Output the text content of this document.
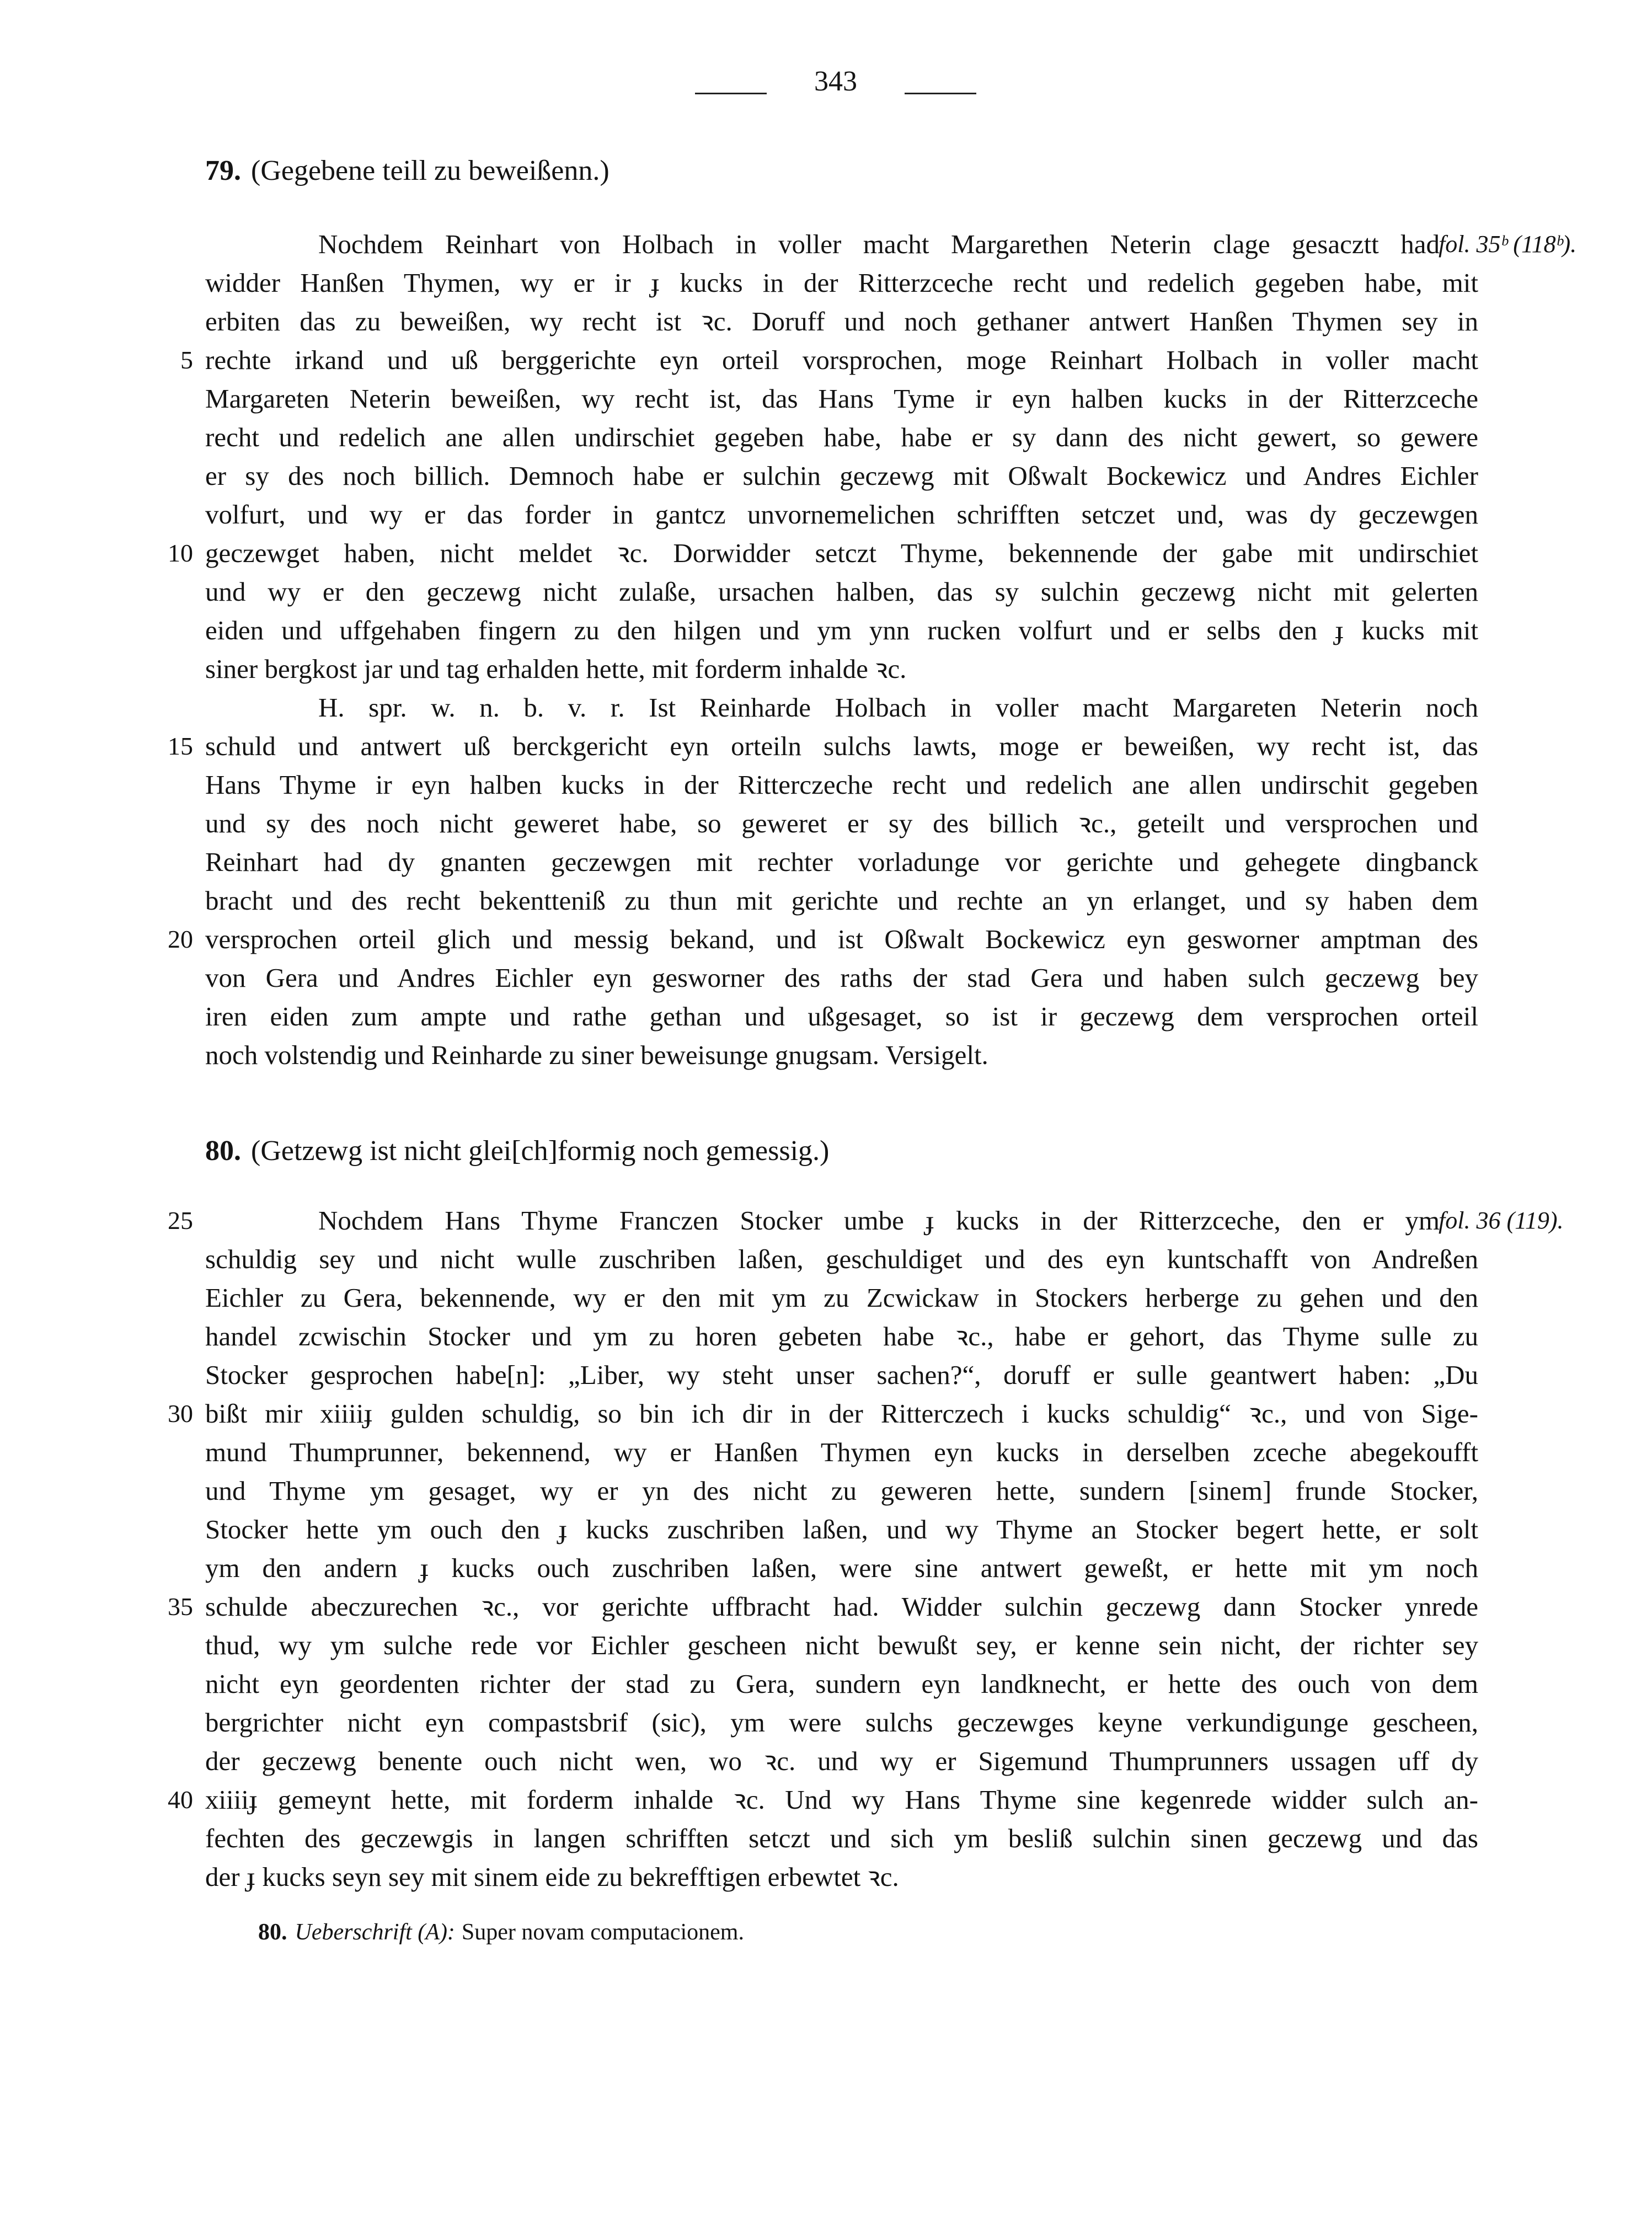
343
79. (Gegebene teill zu beweißenn.)
fol. 35ᵇ (118ᵇ).
Nochdem Reinhart von Holbach in voller macht Margarethen Neterin clage gesacztt had
widder Hanßen Thymen, wy er ir ɟ kucks in der Ritterzceche recht und redelich gegeben habe, mit
erbiten das zu beweißen, wy recht ist ꝛc. Doruff und noch gethaner antwert Hanßen Thymen sey in
rechte irkand und uß berggerichte eyn orteil vorsprochen, moge Reinhart Holbach in voller macht
Margareten Neterin beweißen, wy recht ist, das Hans Tyme ir eyn halben kucks in der Ritterzceche
recht und redelich ane allen undirschiet gegeben habe, habe er sy dann des nicht gewert, so gewere
er sy des noch billich. Demnoch habe er sulchin geczewg mit Oßwalt Bockewicz und Andres Eichler
volfurt, und wy er das forder in gantcz unvornemelichen schrifften setczet und, was dy geczewgen
geczewget haben, nicht meldet ꝛc. Dorwidder setczt Thyme, bekennende der gabe mit undirschiet
und wy er den geczewg nicht zulaße, ursachen halben, das sy sulchin geczewg nicht mit gelerten
eiden und uffgehaben fingern zu den hilgen und ym ynn rucken volfurt und er selbs den ɟ kucks mit
siner bergkost jar und tag erhalden hette, mit forderm inhalde ꝛc.
H. spr. w. n. b. v. r. Ist Reinharde Holbach in voller macht Margareten Neterin noch
schuld und antwert uß berckgericht eyn orteiln sulchs lawts, moge er beweißen, wy recht ist, das
Hans Thyme ir eyn halben kucks in der Ritterczeche recht und redelich ane allen undirschit gegeben
und sy des noch nicht geweret habe, so geweret er sy des billich ꝛc., geteilt und versprochen und
Reinhart had dy gnanten geczewgen mit rechter vorladunge vor gerichte und gehegete dingbanck
bracht und des recht bekentteniß zu thun mit gerichte und rechte an yn erlanget, und sy haben dem
versprochen orteil glich und messig bekand, und ist Oßwalt Bockewicz eyn gesworner amptman des
von Gera und Andres Eichler eyn gesworner des raths der stad Gera und haben sulch geczewg bey
iren eiden zum ampte und rathe gethan und ußgesaget, so ist ir geczewg dem versprochen orteil
noch volstendig und Reinharde zu siner beweisunge gnugsam. Versigelt.
80. (Getzewg ist nicht glei[ch]formig noch gemessig.)
fol. 36 (119).
Nochdem Hans Thyme Franczen Stocker umbe ɟ kucks in der Ritterzceche, den er ym
schuldig sey und nicht wulle zuschriben laßen, geschuldiget und des eyn kuntschafft von Andreßen
Eichler zu Gera, bekennende, wy er den mit ym zu Zcwickaw in Stockers herberge zu gehen und den
handel zcwischin Stocker und ym zu horen gebeten habe ꝛc., habe er gehort, das Thyme sulle zu
Stocker gesprochen habe[n]: „Liber, wy steht unser sachen?“, doruff er sulle geantwert haben: „Du
bißt mir xiiiiɟ gulden schuldig, so bin ich dir in der Ritterczech i kucks schuldig“ ꝛc., und von Sige-
mund Thumprunner, bekennend, wy er Hanßen Thymen eyn kucks in derselben zceche abegekoufft
und Thyme ym gesaget, wy er yn des nicht zu geweren hette, sundern [sinem] frunde Stocker,
Stocker hette ym ouch den ɟ kucks zuschriben laßen, und wy Thyme an Stocker begert hette, er solt
ym den andern ɟ kucks ouch zuschriben laßen, were sine antwert geweßt, er hette mit ym noch
schulde abeczurechen ꝛc., vor gerichte uffbracht had. Widder sulchin geczewg dann Stocker ynrede
thud, wy ym sulche rede vor Eichler gescheen nicht bewußt sey, er kenne sein nicht, der richter sey
nicht eyn geordenten richter der stad zu Gera, sundern eyn landknecht, er hette des ouch von dem
bergrichter nicht eyn compastsbrif (sic), ym were sulchs geczewges keyne verkundigunge gescheen,
der geczewg benente ouch nicht wen, wo ꝛc. und wy er Sigemund Thumprunners ussagen uff dy
xiiiiɟ gemeynt hette, mit forderm inhalde ꝛc. Und wy Hans Thyme sine kegenrede widder sulch an-
fechten des geczewgis in langen schrifften setczt und sich ym besliß sulchin sinen geczewg und das
der ɟ kucks seyn sey mit sinem eide zu bekrefftigen erbewtet ꝛc.
5
10
15
20
25
30
35
40
80. Ueberschrift (A): Super novam computacionem.
